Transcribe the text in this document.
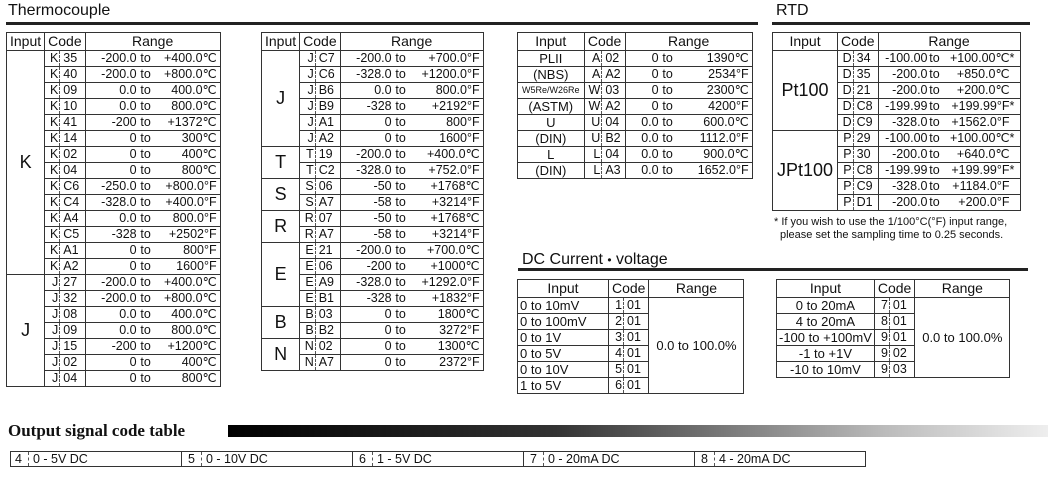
Thermocouple	RTD
Input	Code		Range
K	K	35	-200.0 to +400.0℃

	K	40	-200.0 to +800.0℃

	K	09	0.0 to 400.0℃

	K	10	0.0 to 800.0℃

	K	41	-200 to +1372℃

	K	14	0 to 300℃

	K	02	0 to 400℃

	K	04	0 to 800℃

	K	C6	-250.0 to +800.0°F

	K	C4	-328.0 to +400.0°F

	K	A4	0.0 to 800.0°F

	K	C5	-328 to +2502°F

	K	A1	0 to 800°F

	K	A2	0 to 1600°F

J	J	27	-200.0 to +400.0℃

	J	32	-200.0 to +800.0℃

	J	08	0.0 to 400.0℃

	J	09	0.0 to 800.0℃

	J	15	-200 to +1200℃

	J	02	0 to 400℃

	J	04	0 to 800℃
Input	Code		Range
J	J	C7	-200.0 to +700.0°F

	J	C6	-328.0 to +1200.0°F

	J	B6	0.0 to 800.0°F

	J	B9	-328 to +2192°F

	J	A1	0 to 800°F

	J	A2	0 to 1600°F

T	T	19	-200.0 to +400.0℃

	T	C2	-328.0 to +752.0°F

S	S	06	-50 to +1768℃

	S	A7	-58 to +3214°F

R	R	07	-50 to +1768℃

	R	A7	-58 to +3214°F

E	E	21	-200.0 to +700.0℃

	E	06	-200 to +1000℃

	E	A9	-328.0 to +1292.0°F

	E	B1	-328 to +1832°F

B	B	03	0 to 1800℃

	B	B2	0 to 3272°F

N	N	02	0 to 1300℃

	N	A7	0 to 2372°F
Input	Code		Range
PLII	A	02	0 to 1390℃

(NBS)	A	A2	0 to 2534°F

W5Re/W26Re	W	03	0 to 2300℃

(ASTM)	W	A2	0 to 4200°F

U	U	04	0.0 to 600.0℃

(DIN)	U	B2	0.0 to 1112.0°F

L	L	04	0.0 to 900.0℃

(DIN)	L	A3	0.0 to 1652.0°F
Input	Code		Range
Pt100	D	34	-100.00 to +100.00℃ *

	D	35	-200.0 to +850.0℃

	D	21	-200.0 to +200.0℃

	D	C8	-199.99 to +199.99°F *

	D	C9	-328.0 to +1562.0°F

JPt100	P	29	-100.00 to +100.00℃ *

	P	30	-200.0 to +640.0℃

	P	C8	-199.99 to +199.99°F *

	P	C9	-328.0 to +1184.0°F

	P	D1	-200.0 to +200.0°F
* If you wish to use the 1/100°C(°F) input range,
please set the sampling time to 0.25 seconds.
DC Current • voltage
Input	Code		Range
0 to 10mV	1	01	0.0 to 100.0%
0 to 100mV	2	01	
0 to 1V	3	01	
0 to 5V	4	01	
0 to 10V	5	01	
1 to 5V	6	01	
Input	Code		Range
0 to 20mA	7	01	0.0 to 100.0%
4 to 20mA	8	01	
-100 to +100mV	9	01	
-1 to +1V	9	02	
-10 to 10mV	9	03	
Output signal code table
4 0 - 5V DC	5 0 - 10V DC	6 1 - 5V DC	7 0 - 20mA DC	8 4 - 20mA DC
